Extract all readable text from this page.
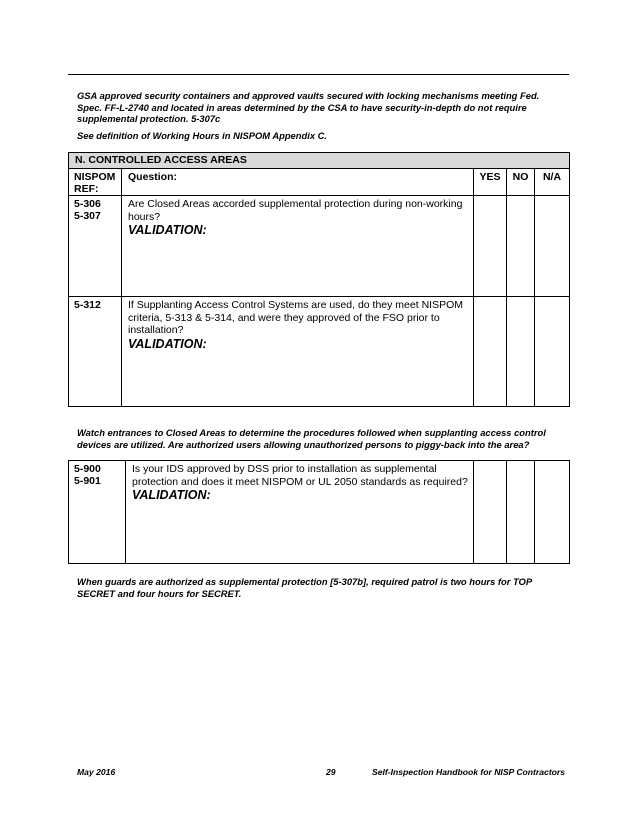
GSA approved security containers and approved vaults secured with locking mechanisms meeting Fed. Spec. FF-L-2740 and located in areas determined by the CSA to have security-in-depth do not require supplemental protection. 5-307c
See definition of Working Hours in NISPOM Appendix C.
N. CONTROLLED ACCESS AREAS				
NISPOM REF:	Question:	YES	NO	N/A
5-306
5-307	Are Closed Areas accorded supplemental protection during non-working hours?
VALIDATION:			

5-312	If Supplanting Access Control Systems are used, do they meet NISPOM criteria, 5-313 & 5-314, and were they approved of the FSO prior to installation?
VALIDATION:			

Watch entrances to Closed Areas to determine the procedures followed when supplanting access control devices are utilized. Are authorized users allowing unauthorized persons to piggy-back into the area?
5-900
5-901	Is your IDS approved by DSS prior to installation as supplemental protection and does it meet NISPOM or UL 2050 standards as required?
VALIDATION:

When guards are authorized as supplemental protection [5-307b], required patrol is two hours for TOP SECRET and four hours for SECRET.
May 2016	29	Self-Inspection Handbook for NISP Contractors
